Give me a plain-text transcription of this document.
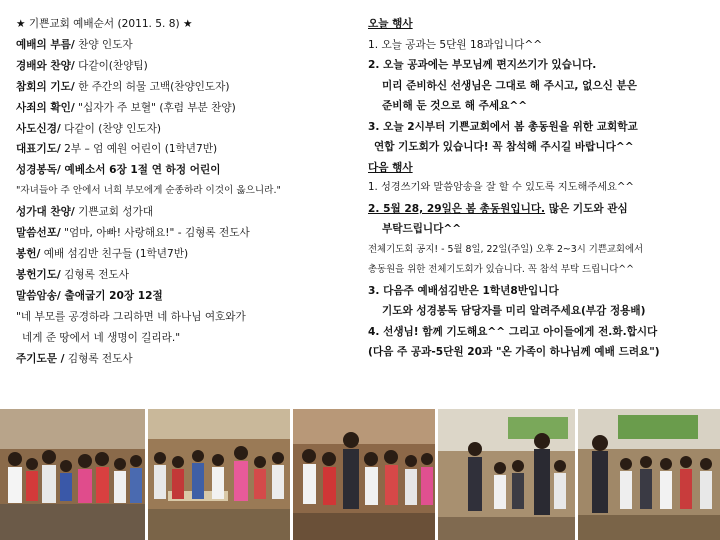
★ 기쁜교회 예배순서 (2011. 5. 8) ★
예배의 부름/ 찬양 인도자
경배와 찬양/ 다같이(찬양팀)
참회의 기도/ 한 주간의 허물 고백(찬양인도자)
사죄의 확인/ "십자가 주 보혈" (후렴 부분 찬양)
사도신경/ 다같이 (찬양 인도자)
대표기도/ 2부 – 엄 예원 어린이 (1학년7반)
성경봉독/ 예베소서 6장 1절 연 하정 어린이
"자녀들아 주 안에서 너희 부모에게 순종하라 이것이 옳으니라."
성가대 찬양/ 기쁜교회 성가대
말씀선포/ "엄마, 아빠! 사랑해요!" - 김형록 전도사
봉헌/ 예배 섬김반 친구들 (1학년7반)
봉헌기도/ 김형록 전도사
말씀암송/ 출애굽기 20장 12절
"네 부모를 공경하라 그리하면 네 하나님 여호와가
네게 준 땅에서 네 생명이 길리라."
주기도문 / 김형록 전도사
오늘 행사
1. 오늘 공과는 5단원 18과입니다^^
2. 오늘 공과에는 부모님께 편지쓰기가 있습니다.
미리 준비하신 선생님은 그대로 해 주시고, 없으신 분은
준비해 둔 것으로 해 주세요^^
3. 오늘 2시부터 기쁜교회에서 봄 총동원을 위한 교회학교
연합 기도회가 있습니다! 꼭 참석해 주시길 바랍니다^^
다음 행사
1. 성경쓰기와 말씀암송을 잘 할 수 있도록 지도해주세요^^
2. 5월 28, 29일은 봄 총동원입니다. 많은 기도와 관심
부탁드립니다^^
전체기도회 공지! - 5월 8일, 22일(주일) 오후 2~3시 기쁜교회에서
총동원을 위한 전체기도회가 있습니다. 꼭 참석 부탁 드립니다^^
3. 다음주 예배섬김반은 1학년8반입니다
기도와 성경봉독 담당자를 미리 알려주세요(부감 정용배)
4. 선생님! 함께 기도해요^^ 그리고 아이들에게 전.화.합시다
(다음 주 공과-5단원 20과 "온 가족이 하나님께 예배 드려요")
